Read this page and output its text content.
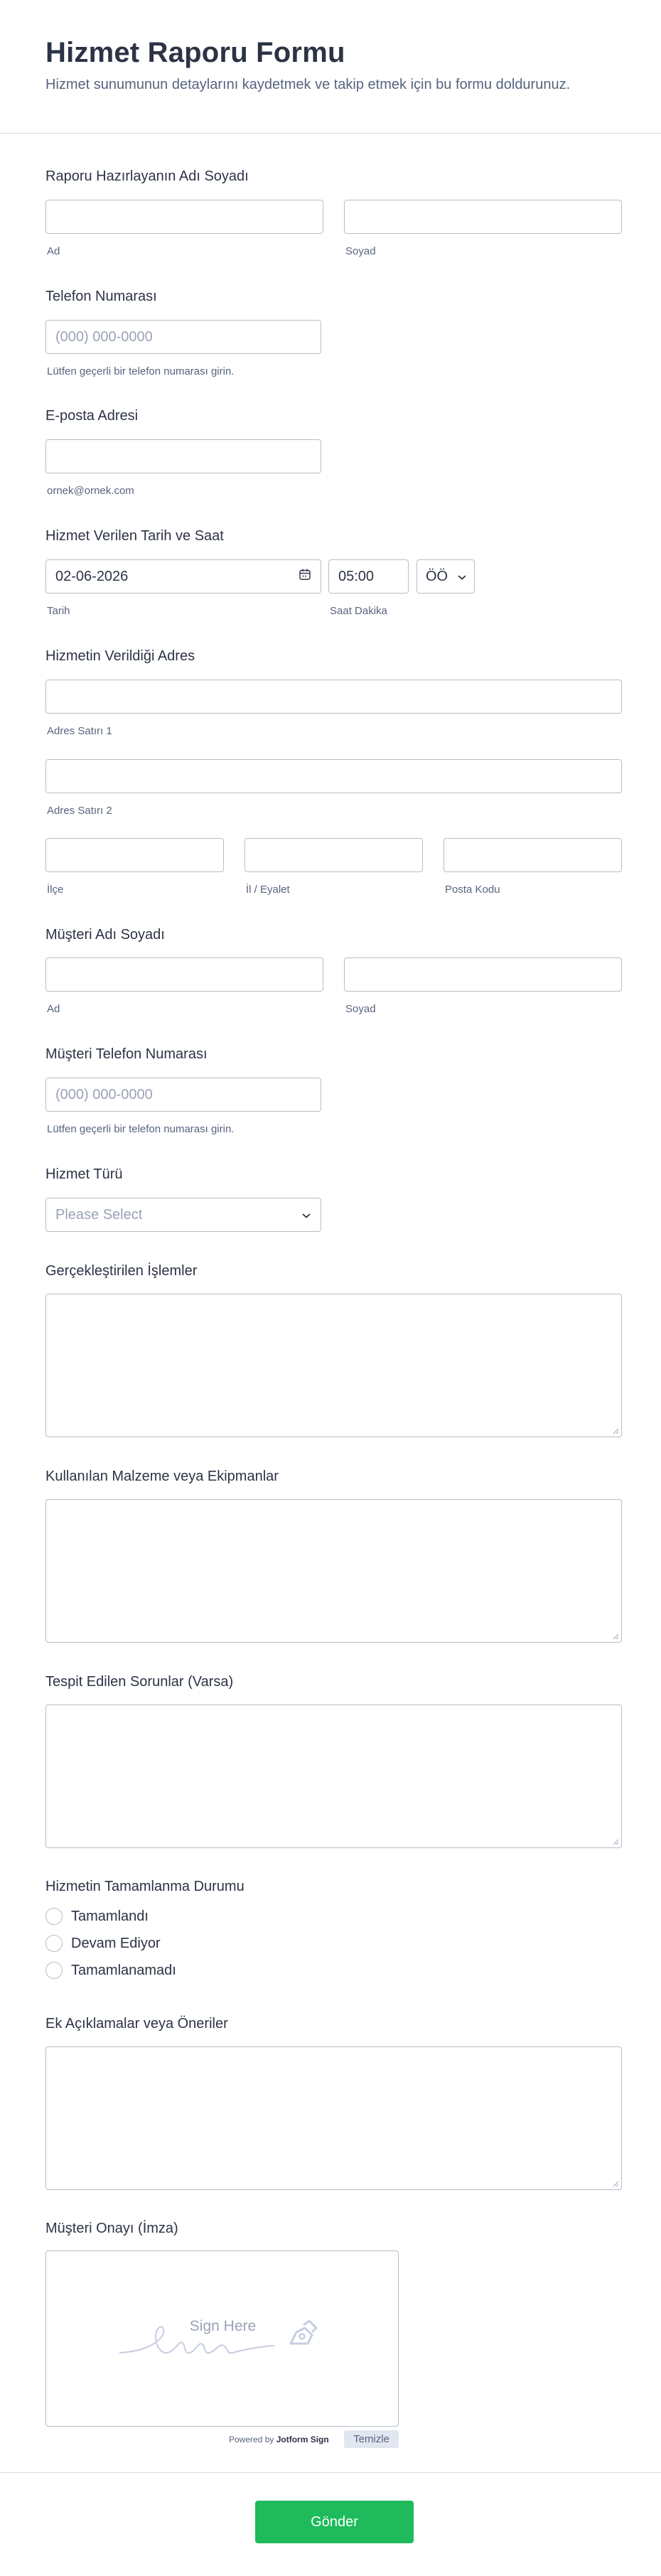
Hizmet Raporu Formu
Hizmet sunumunun detaylarını kaydetmek ve takip etmek için bu formu doldurunuz.
Raporu Hazırlayanın Adı Soyadı
Ad	Soyad
Telefon Numarası
(000) 000-0000
Lütfen geçerli bir telefon numarası girin.
E-posta Adresi
ornek@ornek.com
Hizmet Verilen Tarih ve Saat
02-06-2026	05:00	ÖÖ
Tarih	Saat Dakika
Hizmetin Verildiği Adres
Adres Satırı 1
Adres Satırı 2
İlçe	İl / Eyalet	Posta Kodu
Müşteri Adı Soyadı
Ad	Soyad
Müşteri Telefon Numarası
(000) 000-0000
Lütfen geçerli bir telefon numarası girin.
Hizmet Türü
Please Select
Gerçekleştirilen İşlemler
Kullanılan Malzeme veya Ekipmanlar
Tespit Edilen Sorunlar (Varsa)
Hizmetin Tamamlanma Durumu
Tamamlandı
Devam Ediyor
Tamamlanamadı
Ek Açıklamalar veya Öneriler
Müşteri Onayı (İmza)
Sign Here
Powered by Jotform Sign	Temizle
Gönder
